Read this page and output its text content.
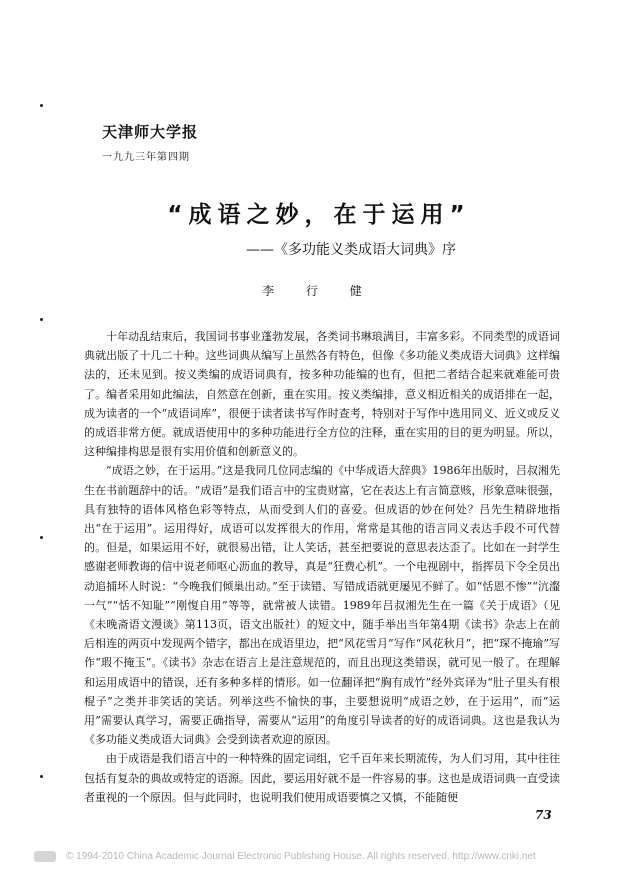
天津师大学报
一九九三年第四期
“成语之妙，在于运用”
——《多功能义类成语大词典》序
李 行 健

十年动乱结束后，我国词书事业蓬勃发展，各类词书琳琅满目，丰富多彩。不同类型的成语词典就出版了十几二十种。这些词典从编写上虽然各有特色，但像《多功能义类成语大词典》这样编法的，还未见到。按义类编的成语词典有，按多种功能编的也有，但把二者结合起来就难能可贵了。编者采用如此编法，自然意在创新，重在实用。按义类编排，意义相近相关的成语排在一起，成为读者的一个“成语词库”，很便于读者读书写作时查考，特别对于写作中选用同义、近义或反义的成语非常方便。就成语使用中的多种功能进行全方位的注释，重在实用的目的更为明显。所以，这种编排构思是很有实用价值和创新意义的。

“成语之妙，在于运用。”这是我同几位同志编的《中华成语大辞典》1986年出版时，吕叔湘先生在书前题辞中的话。“成语”是我们语言中的宝贵财富，它在表达上有言简意赅，形象意味很强，具有独特的语体风格色彩等特点，从而受到人们的喜爱。但成语的妙在何处？吕先生精辟地指出“在于运用”。运用得好，成语可以发挥很大的作用，常常是其他的语言同义表达手段不可代替的。但是，如果运用不好，就很易出错，让人笑话，甚至把要说的意思表达歪了。比如在一封学生感谢老师教诲的信中说老师呕心沥血的教导，真是“狂费心机”。一个电视剧中，指挥员下令全员出动追捕坏人时说：“今晚我们倾巢出动。”至于读错、写错成语就更屡见不鲜了。如“恬恩不惨”“沆瀣一气”“恬不知耻”“刚愎自用”等等，就常被人读错。1989年吕叔湘先生在一篇《关于成语》（见《未晚斋语文漫谈》第113页，语文出版社）的短文中，随手举出当年第4期《读书》杂志上在前后相连的两页中发现两个错字，都出在成语里边，把“风花雪月”写作“风花秋月”，把“琛不掩瑜”写作“瑕不掩玉”。《读书》杂志在语言上是注意规范的，而且出现这类错误，就可见一般了。在理解和运用成语中的错误，还有多种多样的情形。如一位翻译把“胸有成竹”经外宾译为“肚子里头有根棍子”之类并非笑话的笑话。列举这些不愉快的事，主要想说明“成语之妙，在于运用”，而“运用”需要认真学习，需要正确指导，需要从“运用”的角度引导读者的好的成语词典。这也是我认为《多功能义类成语大词典》会受到读者欢迎的原因。

由于成语是我们语言中的一种特殊的固定词组，它千百年来长期流传，为人们习用，其中往往包括有复杂的典故或特定的语源。因此，要运用好就不是一件容易的事。这也是成语词典一直受读者重视的一个原因。但与此同时，也说明我们使用成语要慎之又慎，不能随便

73
© 1994-2010 China Academic Journal Electronic Publishing House. All rights reserved. http://www.cnki.net
